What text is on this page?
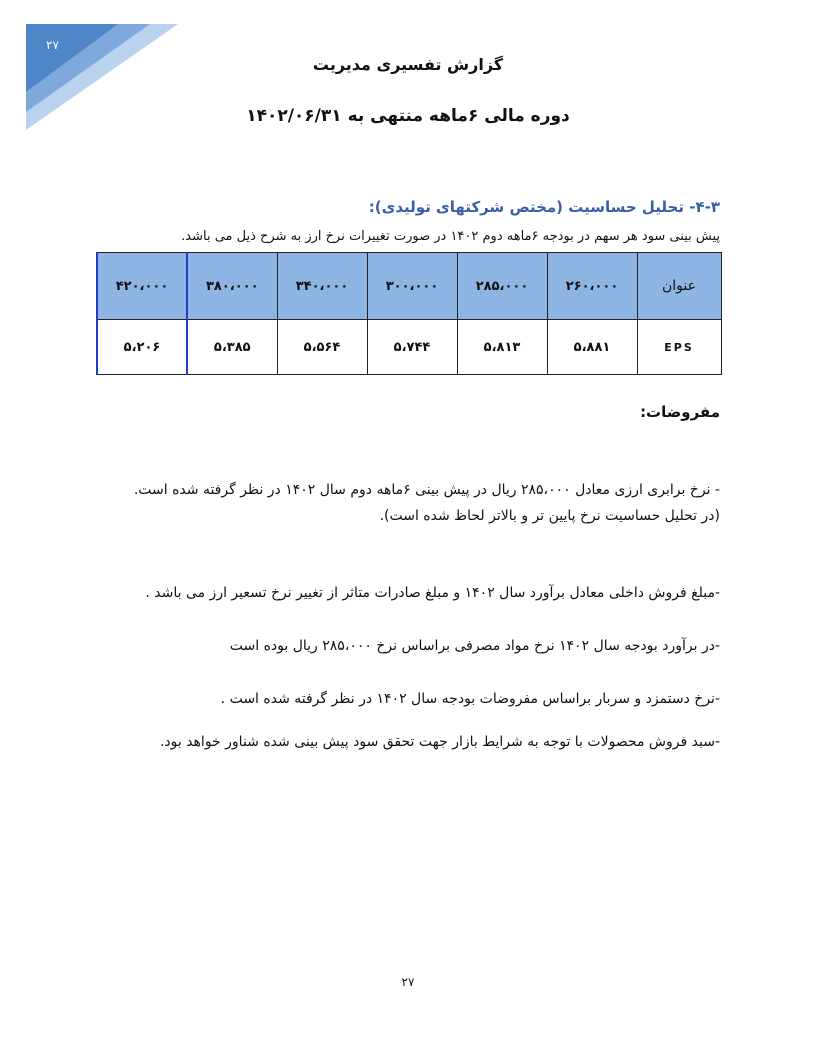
۲۷
گزارش تفسیری مدیریت
دوره مالی ۶ماهه منتهی به ۱۴۰۲/۰۶/۳۱
۴-۳- تحلیل حساسیت (مختص شرکتهای تولیدی):
پیش بینی سود هر سهم در بودجه ۶ماهه دوم ۱۴۰۲ در صورت تغییرات نرخ ارز به شرح ذیل می باشد.
عنوان	۲۶۰،۰۰۰	۲۸۵،۰۰۰	۳۰۰،۰۰۰	۳۴۰،۰۰۰	۳۸۰،۰۰۰	۴۲۰،۰۰۰
EPS	۵،۸۸۱	۵،۸۱۳	۵،۷۴۴	۵،۵۶۴	۵،۳۸۵	۵،۲۰۶
مفروضات:
- نرخ برابری ارزی معادل ۲۸۵،۰۰۰ ریال در پیش بینی ۶ماهه دوم سال ۱۴۰۲ در نظر گرفته شده است.
(در تحلیل حساسیت نرخ پایین تر و بالاتر لحاظ شده است).
-مبلغ فروش داخلی معادل برآورد سال ۱۴۰۲ و مبلغ صادرات متاثر از تغییر نرخ تسعیر ارز می باشد .
-در برآورد بودجه سال ۱۴۰۲ نرخ مواد مصرفی براساس نرخ ۲۸۵،۰۰۰ ریال بوده است
-نرخ دستمزد و سربار براساس مفروضات بودجه سال ۱۴۰۲ در نظر گرفته شده است .
-سبد فروش محصولات با توجه به شرایط بازار جهت تحقق سود پیش بینی شده شناور خواهد بود.
۲۷
